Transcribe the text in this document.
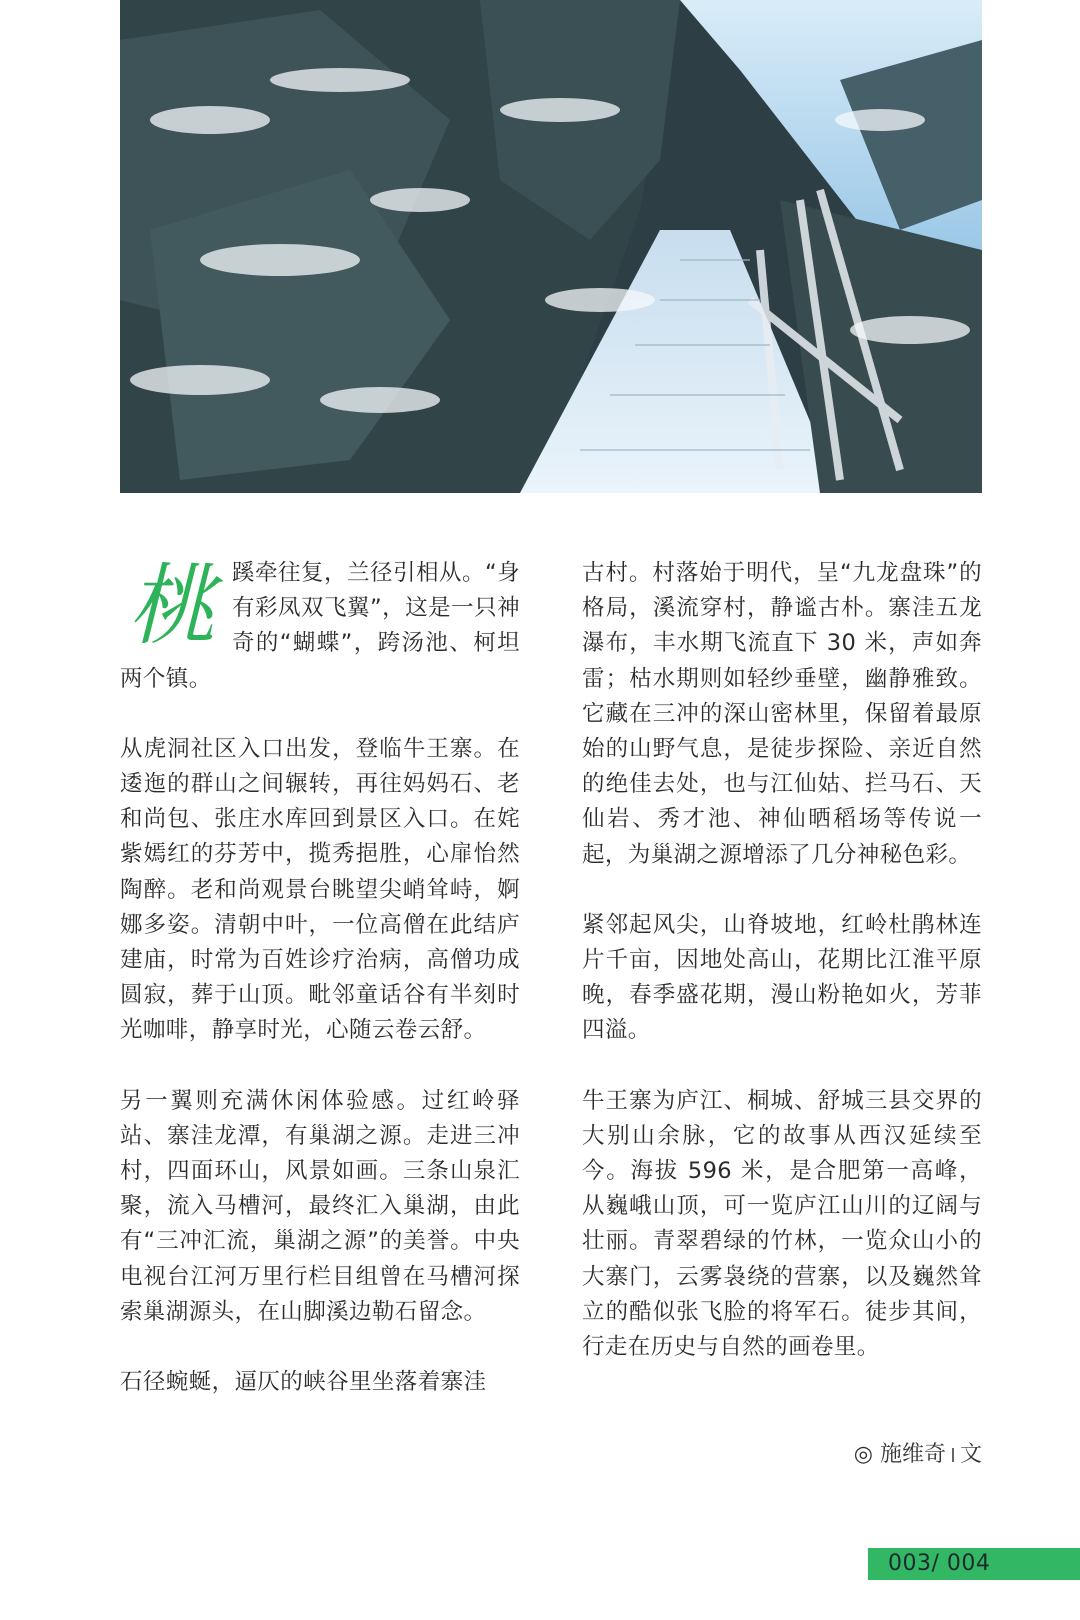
桃蹊牵往复，兰径引相从。“身有彩凤双飞翼”，这是一只神奇的“蝴蝶”，跨汤池、柯坦两个镇。

从虎洞社区入口出发，登临牛王寨。在逶迤的群山之间辗转，再往妈妈石、老和尚包、张庄水库回到景区入口。在姹紫嫣红的芬芳中，揽秀挹胜，心扉怡然陶醉。老和尚观景台眺望尖峭耸峙，婀娜多姿。清朝中叶，一位高僧在此结庐建庙，时常为百姓诊疗治病，高僧功成圆寂，葬于山顶。毗邻童话谷有半刻时光咖啡，静享时光，心随云卷云舒。

另一翼则充满休闲体验感。过红岭驿站、寨洼龙潭，有巢湖之源。走进三冲村，四面环山，风景如画。三条山泉汇聚，流入马槽河，最终汇入巢湖，由此有“三冲汇流，巢湖之源”的美誉。中央电视台江河万里行栏目组曾在马槽河探索巢湖源头，在山脚溪边勒石留念。

石径蜿蜒，逼仄的峡谷里坐落着寨洼

古村。村落始于明代，呈“九龙盘珠”的格局，溪流穿村，静谧古朴。寨洼五龙瀑布，丰水期飞流直下 30 米，声如奔雷；枯水期则如轻纱垂壁，幽静雅致。它藏在三冲的深山密林里，保留着最原始的山野气息，是徒步探险、亲近自然的绝佳去处，也与江仙姑、拦马石、天仙岩、秀才池、神仙晒稻场等传说一起，为巢湖之源增添了几分神秘色彩。

紧邻起风尖，山脊坡地，红岭杜鹃林连片千亩，因地处高山，花期比江淮平原晚，春季盛花期，漫山粉艳如火，芳菲四溢。

牛王寨为庐江、桐城、舒城三县交界的大别山余脉，它的故事从西汉延续至今。海拔 596 米，是合肥第一高峰，从巍峨山顶，可一览庐江山川的辽阔与壮丽。青翠碧绿的竹林，一览众山小的大寨门，云雾袅绕的营寨，以及巍然耸立的酷似张飞脸的将军石。徒步其间，行走在历史与自然的画卷里。

◎ 施维奇 文
003/ 004
